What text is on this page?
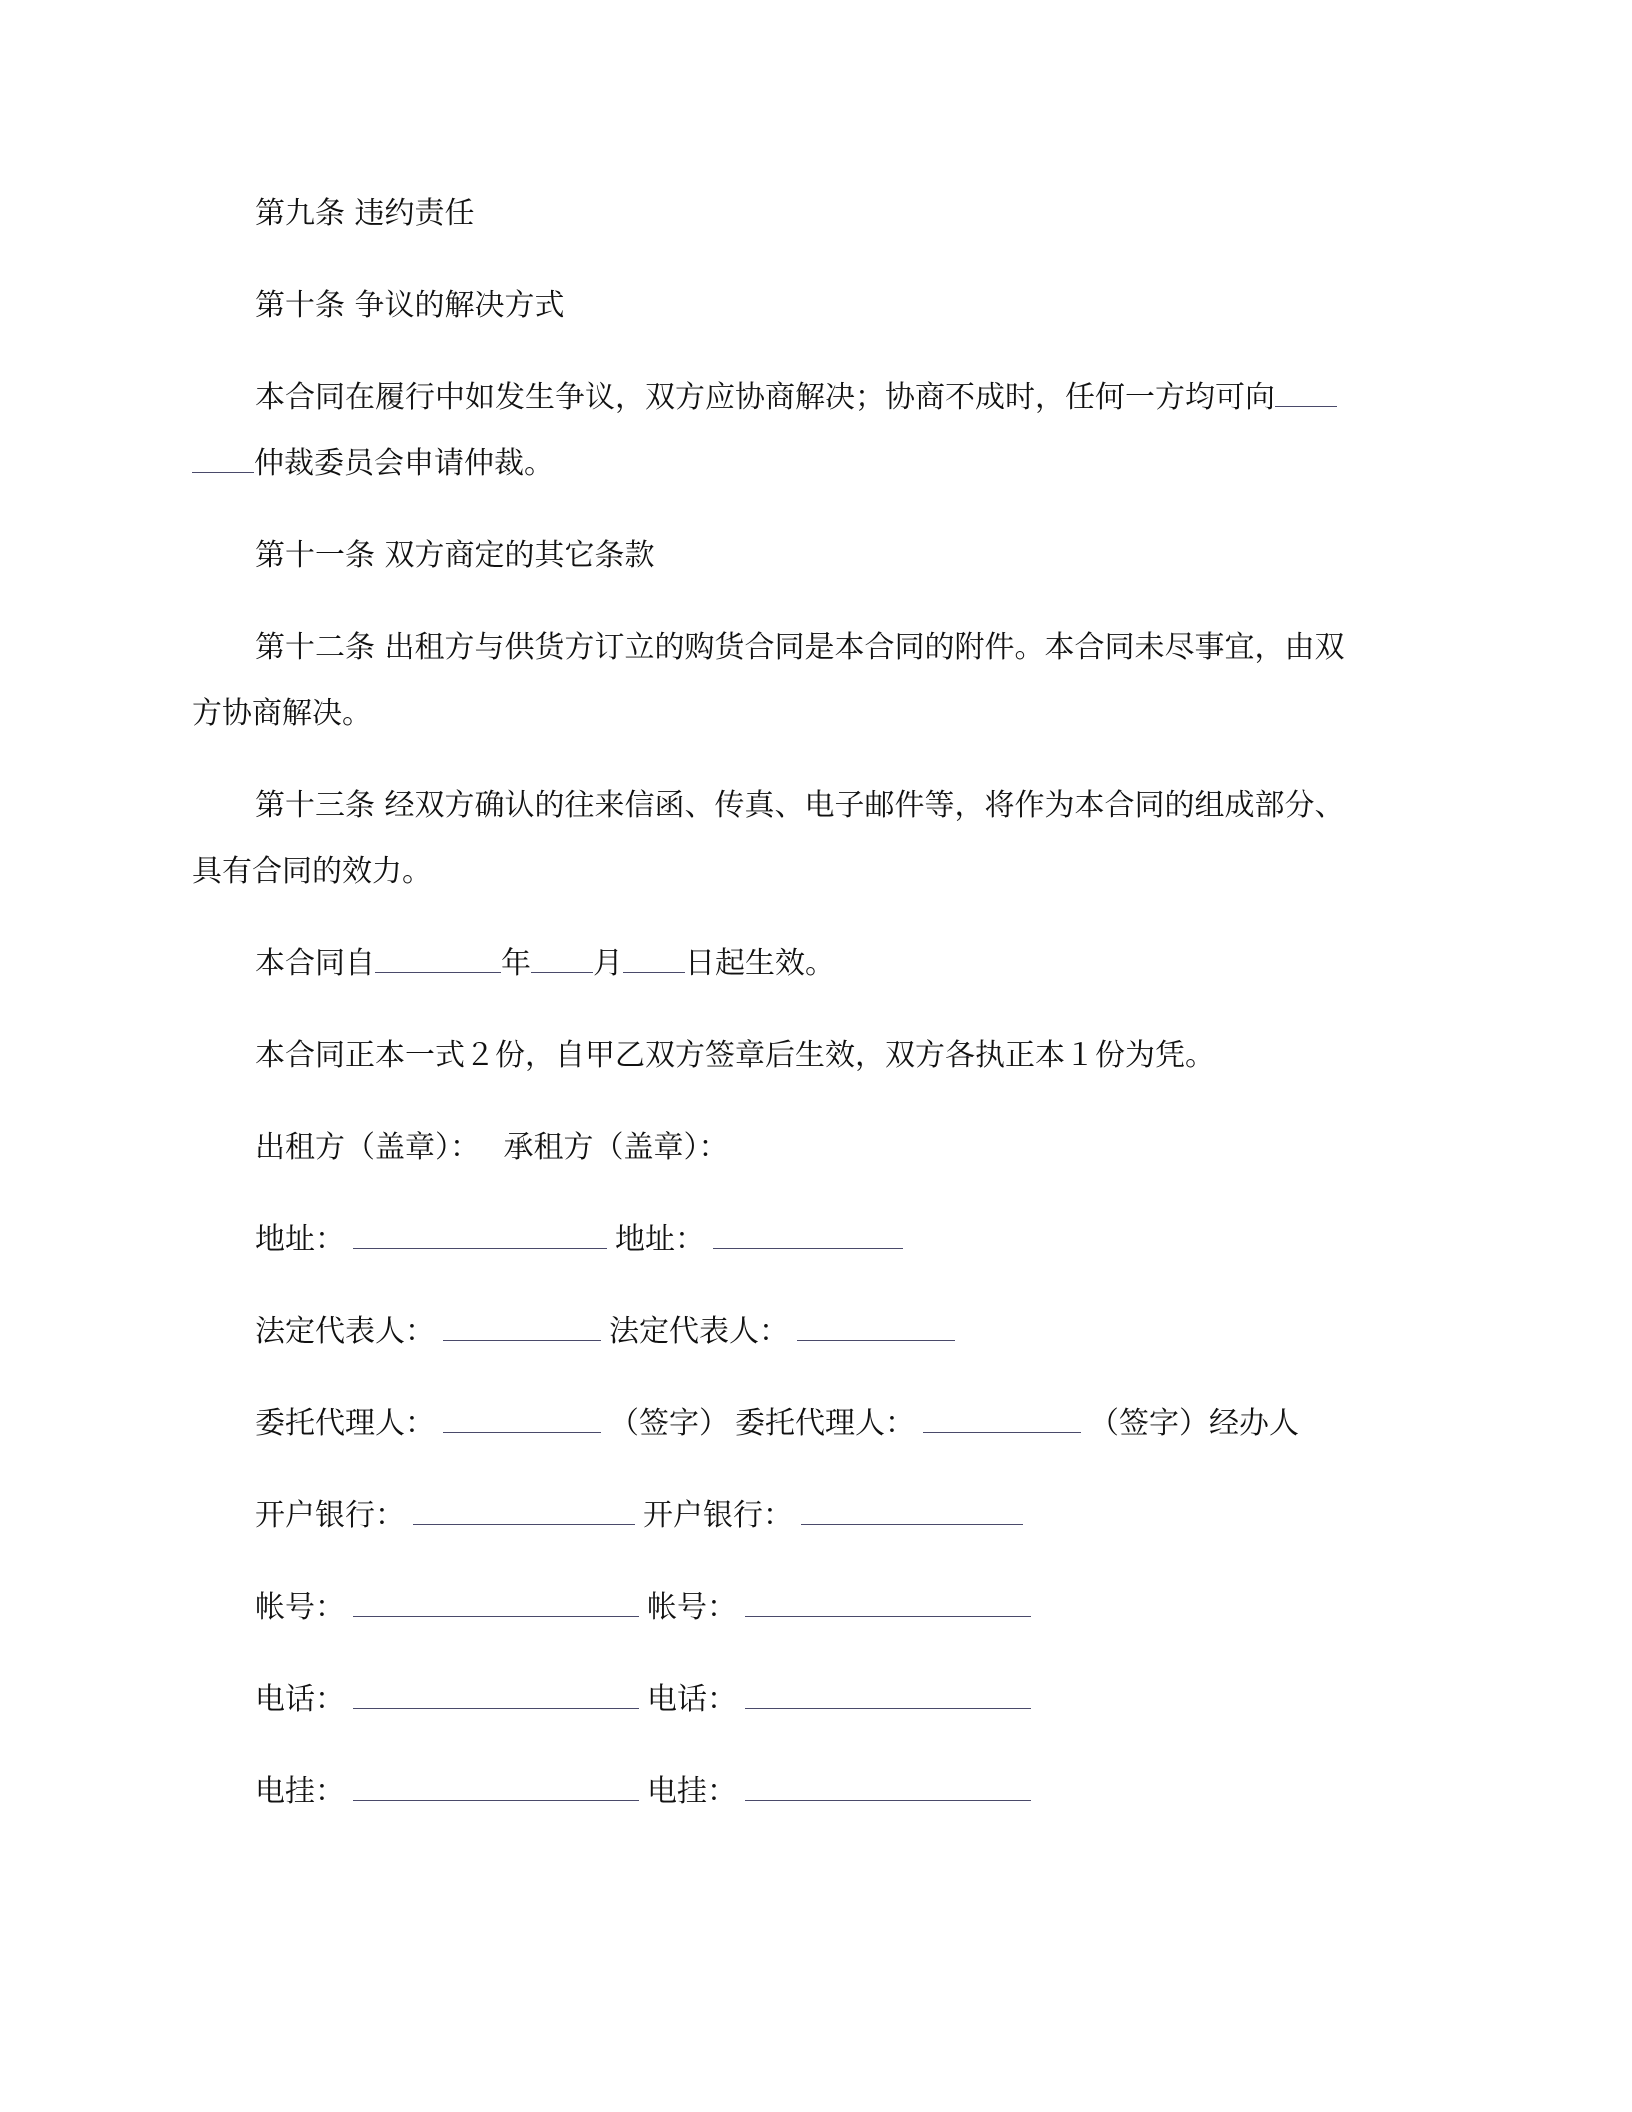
第九条 违约责任
第十条 争议的解决方式
本合同在履行中如发生争议，双方应协商解决；协商不成时，任何一方均可向
仲裁委员会申请仲裁。
第十一条 双方商定的其它条款
第十二条 出租方与供货方订立的购货合同是本合同的附件。本合同未尽事宜，由双
方协商解决。
第十三条 经双方确认的往来信函、传真、电子邮件等，将作为本合同的组成部分、
具有合同的效力。
本合同自	年 月 日起生效。
本合同正本一式２份，自甲乙双方签章后生效，双方各执正本１份为凭。
出租方（盖章）： 承租方（盖章）：
地址：	地址：
法定代表人：	法定代表人：
委托代理人：	（签字） 委托代理人：	（签字）经办人
开户银行：	开户银行：
帐号：	帐号：
电话：	电话：
电挂：	电挂：
